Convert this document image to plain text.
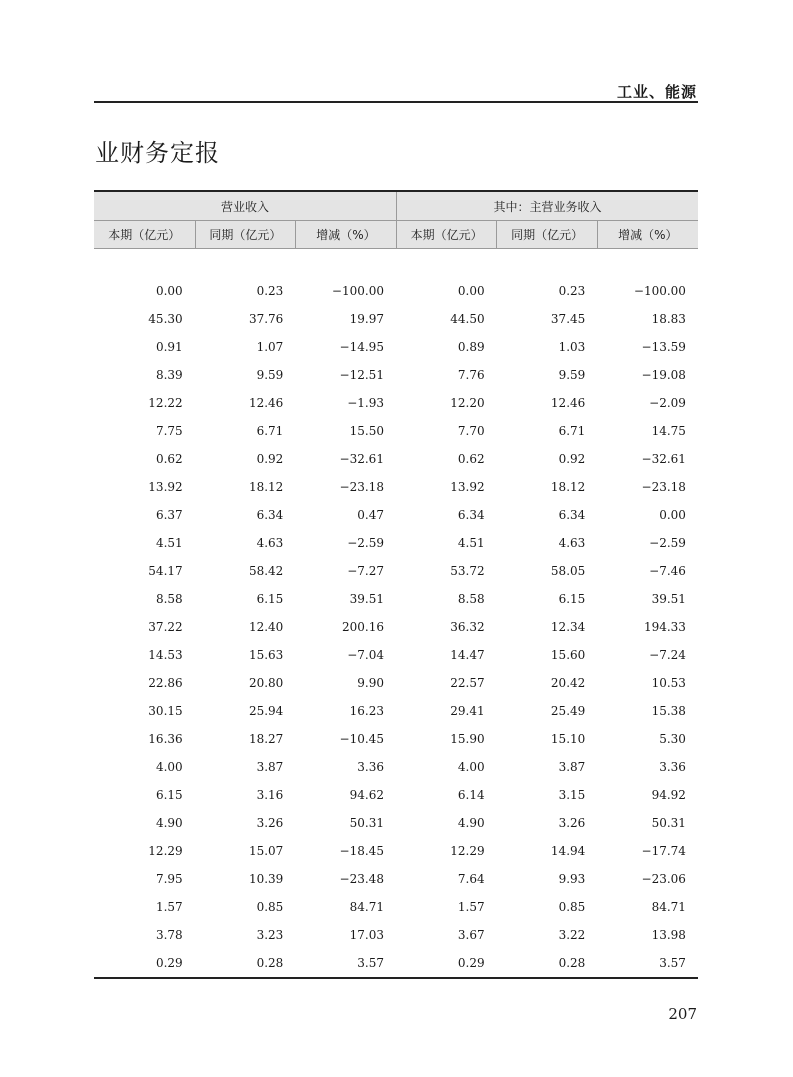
工业、能源
业财务定报
营业收入	其中：主营业务收入
本期（亿元）	同期（亿元）	增减（%）	本期（亿元）	同期（亿元）	增减（%）
0.00	0.23	−100.00	0.00	0.23	−100.00
45.30	37.76	19.97	44.50	37.45	18.83
0.91	1.07	−14.95	0.89	1.03	−13.59
8.39	9.59	−12.51	7.76	9.59	−19.08
12.22	12.46	−1.93	12.20	12.46	−2.09
7.75	6.71	15.50	7.70	6.71	14.75
0.62	0.92	−32.61	0.62	0.92	−32.61
13.92	18.12	−23.18	13.92	18.12	−23.18
6.37	6.34	0.47	6.34	6.34	0.00
4.51	4.63	−2.59	4.51	4.63	−2.59
54.17	58.42	−7.27	53.72	58.05	−7.46
8.58	6.15	39.51	8.58	6.15	39.51
37.22	12.40	200.16	36.32	12.34	194.33
14.53	15.63	−7.04	14.47	15.60	−7.24
22.86	20.80	9.90	22.57	20.42	10.53
30.15	25.94	16.23	29.41	25.49	15.38
16.36	18.27	−10.45	15.90	15.10	5.30
4.00	3.87	3.36	4.00	3.87	3.36
6.15	3.16	94.62	6.14	3.15	94.92
4.90	3.26	50.31	4.90	3.26	50.31
12.29	15.07	−18.45	12.29	14.94	−17.74
7.95	10.39	−23.48	7.64	9.93	−23.06
1.57	0.85	84.71	1.57	0.85	84.71
3.78	3.23	17.03	3.67	3.22	13.98
0.29	0.28	3.57	0.29	0.28	3.57
207
